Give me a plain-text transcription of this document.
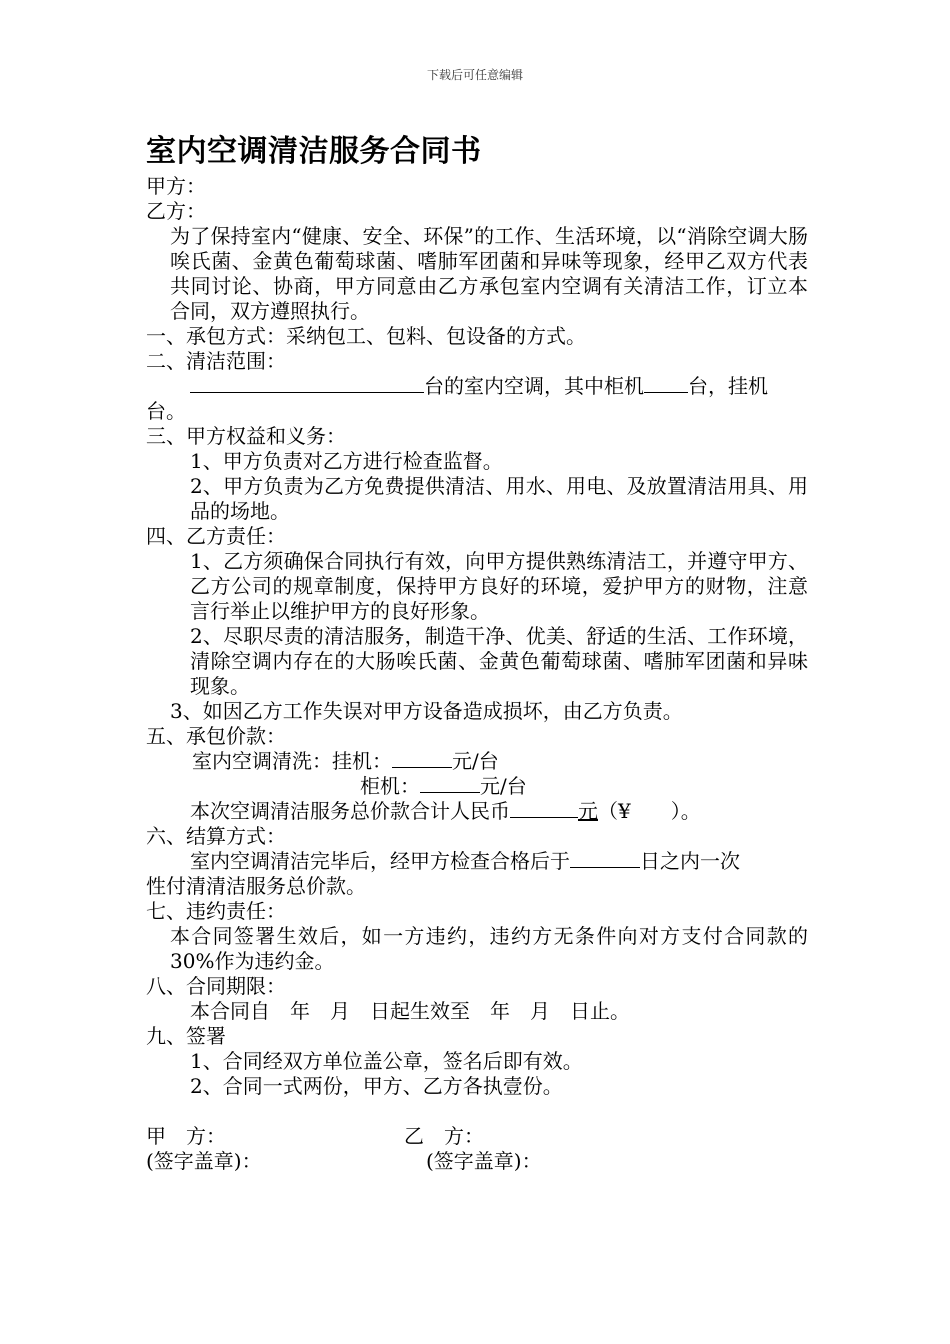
下载后可任意编辑
室内空调清洁服务合同书
甲方：
乙方：
为了保持室内“健康、安全、环保”的工作、生活环境，以“消除空调大肠唉氏菌、金黄色葡萄球菌、嗜肺军团菌和异味等现象，经甲乙双方代表共同讨论、协商，甲方同意由乙方承包室内空调有关清洁工作，订立本合同，双方遵照执行。
一、承包方式：采纳包工、包料、包设备的方式。
二、清洁范围：
台的室内空调，其中柜机 台，挂机
台。
三、甲方权益和义务：
1、甲方负责对乙方进行检查监督。
2、甲方负责为乙方免费提供清洁、用水、用电、及放置清洁用具、用品的场地。
四、乙方责任：
1、乙方须确保合同执行有效，向甲方提供熟练清洁工，并遵守甲方、乙方公司的规章制度，保持甲方良好的环境，爱护甲方的财物，注意言行举止以维护甲方的良好形象。
2、尽职尽责的清洁服务，制造干净、优美、舒适的生活、工作环境，清除空调内存在的大肠唉氏菌、金黄色葡萄球菌、嗜肺军团菌和异味现象。
3、如因乙方工作失误对甲方设备造成损坏，由乙方负责。
五、承包价款：
室内空调清洗：挂机：	元/台
柜机：	元/台
本次空调清洁服务总价款合计人民币	元（¥　　）。
六、结算方式：
室内空调清洁完毕后，经甲方检查合格后于	日之内一次
性付清清洁服务总价款。
七、违约责任：
本合同签署生效后，如一方违约，违约方无条件向对方支付合同款的30%作为违约金。
八、合同期限：
本合同自　年　月　日起生效至　年　月　日止。
九、签署
1、合同经双方单位盖公章，签名后即有效。
2、合同一式两份，甲方、乙方各执壹份。
甲　方：	乙　方：
(签字盖章)：	(签字盖章)：
